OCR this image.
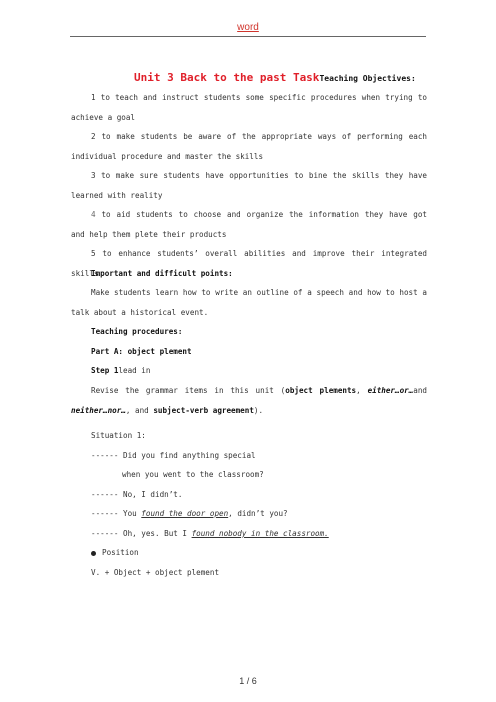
word
Unit 3 Back to the past TaskTeaching Objectives:

1 to teach and instruct students some specific procedures when trying to achieve a goal

2 to make students be aware of the appropriate ways of performing each individual procedure and master the skills

3 to make sure students have opportunities to bine the skills they have learned with reality

4 to aid students to choose and organize the information they have got and help them plete their products

5 to enhance students’ overall abilities and improve their integrated skills

Important and difficult points:

Make students learn how to write an outline of a speech and how to host a talk about a historical event.

Teaching procedures:

Part A: object plement

Step 1lead in

Revise the grammar items in this unit (object plements, either…or…and neither…nor…, and subject-verb agreement).

Situation 1:
------ Did you find anything special
when you went to the classroom?
------ No, I didn’t.
------ You found the door open, didn’t you?
------ Oh, yes. But I found nobody in the classroom.
Position
V. + Object + object plement
1 / 6
